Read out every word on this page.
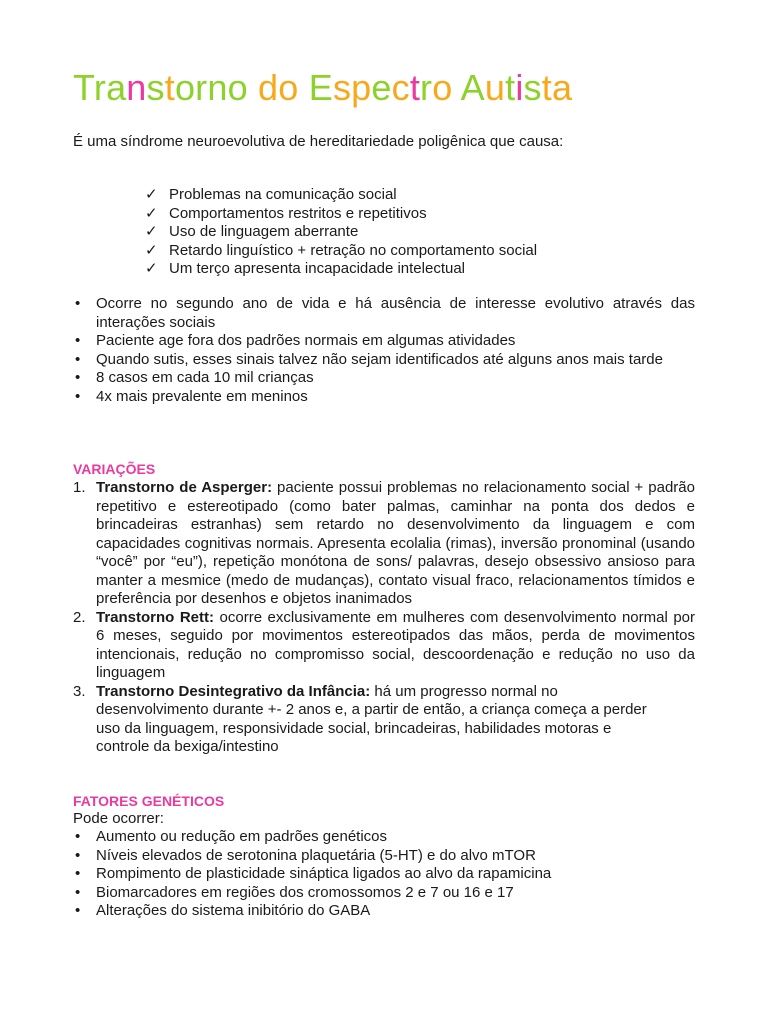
Transtorno do Espectro Autista

É uma síndrome neuroevolutiva de hereditariedade poligênica que causa:

✓ Problemas na comunicação social
✓ Comportamentos restritos e repetitivos
✓ Uso de linguagem aberrante
✓ Retardo linguístico + retração no comportamento social
✓ Um terço apresenta incapacidade intelectual
•	Ocorre no segundo ano de vida e há ausência de interesse evolutivo através das interações sociais
•	Paciente age fora dos padrões normais em algumas atividades
•	Quando sutis, esses sinais talvez não sejam identificados até alguns anos mais tarde
•	8 casos em cada 10 mil crianças
•	4x mais prevalente em meninos
VARIAÇÕES
1. Transtorno de Asperger: paciente possui problemas no relacionamento social + padrão repetitivo e estereotipado (como bater palmas, caminhar na ponta dos dedos e brincadeiras estranhas) sem retardo no desenvolvimento da linguagem e com capacidades cognitivas normais. Apresenta ecolalia (rimas), inversão pronominal (usando “você” por “eu”), repetição monótona de sons/ palavras, desejo obsessivo ansioso para manter a mesmice (medo de mudanças), contato visual fraco, relacionamentos tímidos e preferência por desenhos e objetos inanimados
2. Transtorno Rett: ocorre exclusivamente em mulheres com desenvolvimento normal por 6 meses, seguido por movimentos estereotipados das mãos, perda de movimentos intencionais, redução no compromisso social, descoordenação e redução no uso da linguagem
3. Transtorno Desintegrativo da Infância: há um progresso normal no desenvolvimento durante +- 2 anos e, a partir de então, a criança começa a perder uso da linguagem, responsividade social, brincadeiras, habilidades motoras e controle da bexiga/intestino
FATORES GENÉTICOS

Pode ocorrer:

•	Aumento ou redução em padrões genéticos
•	Níveis elevados de serotonina plaquetária (5-HT) e do alvo mTOR
•	Rompimento de plasticidade sináptica ligados ao alvo da rapamicina
•	Biomarcadores em regiões dos cromossomos 2 e 7 ou 16 e 17
•	Alterações do sistema inibitório do GABA
